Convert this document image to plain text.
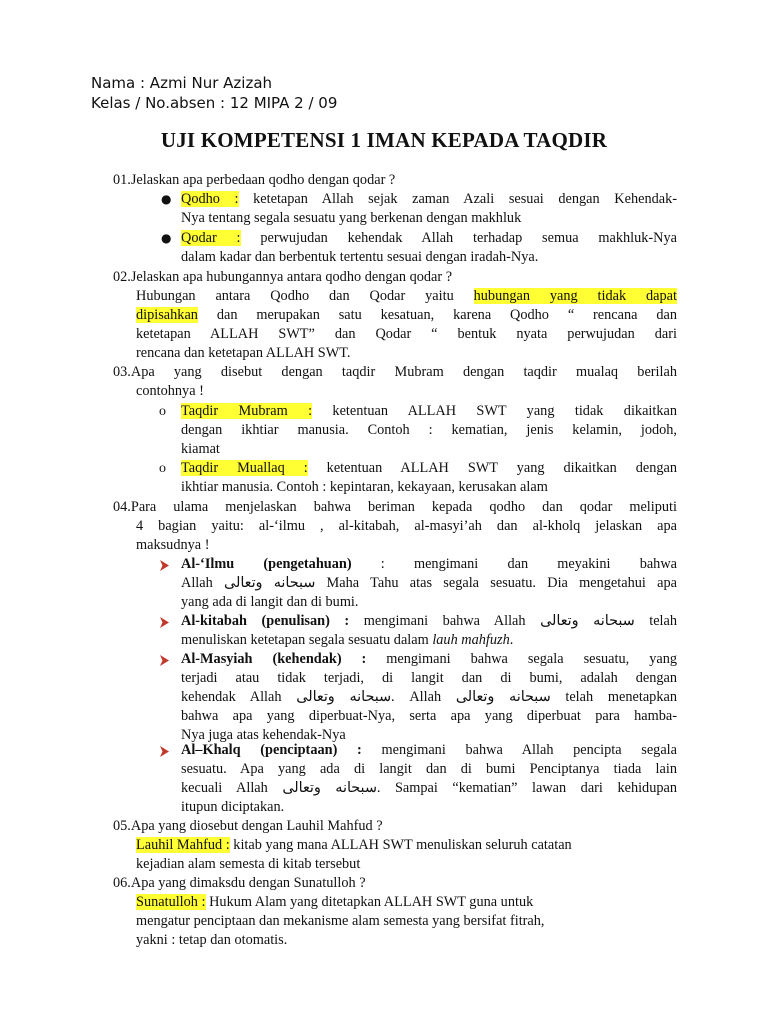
Nama : Azmi Nur Azizah
Kelas / No.absen : 12 MIPA 2 / 09
UJI KOMPETENSI 1 IMAN KEPADA TAQDIR
01.Jelaskan apa perbedaan qodho dengan qodar ?
● Qodho : ketetapan Allah sejak zaman Azali sesuai dengan Kehendak-
Nya tentang segala sesuatu yang berkenan dengan makhluk
● Qodar : perwujudan kehendak Allah terhadap semua makhluk-Nya
dalam kadar dan berbentuk tertentu sesuai dengan iradah-Nya.
02.Jelaskan apa hubungannya antara qodho dengan qodar ?
Hubungan antara Qodho dan Qodar yaitu hubungan yang tidak dapat
dipisahkan dan merupakan satu kesatuan, karena Qodho “ rencana dan
ketetapan ALLAH SWT” dan Qodar “ bentuk nyata perwujudan dari
rencana dan ketetapan ALLAH SWT.
03.Apa yang disebut dengan taqdir Mubram dengan taqdir mualaq berilah
contohnya !
o Taqdir Mubram : ketentuan ALLAH SWT yang tidak dikaitkan
dengan ikhtiar manusia. Contoh : kematian, jenis kelamin, jodoh,
kiamat
o Taqdir Muallaq : ketentuan ALLAH SWT yang dikaitkan dengan
ikhtiar manusia. Contoh : kepintaran, kekayaan, kerusakan alam
04.Para ulama menjelaskan bahwa beriman kepada qodho dan qodar meliputi
4 bagian yaitu: al-‘ilmu , al-kitabah, al-masyi’ah dan al-kholq jelaskan apa
maksudnya !
Al-‘Ilmu (pengetahuan) : mengimani dan meyakini bahwa
Allah سبحانه وتعالى Maha Tahu atas segala sesuatu. Dia mengetahui apa
yang ada di langit dan di bumi.
Al-kitabah (penulisan) : mengimani bahwa Allah سبحانه وتعالى telah
menuliskan ketetapan segala sesuatu dalam lauh mahfuzh.
Al-Masyiah (kehendak) : mengimani bahwa segala sesuatu, yang
terjadi atau tidak terjadi, di langit dan di bumi, adalah dengan
kehendak Allah سبحانه وتعالى. Allah سبحانه وتعالى telah menetapkan
bahwa apa yang diperbuat-Nya, serta apa yang diperbuat para hamba-
Nya juga atas kehendak-Nya
Al–Khalq (penciptaan) : mengimani bahwa Allah pencipta segala
sesuatu. Apa yang ada di langit dan di bumi Penciptanya tiada lain
kecuali Allah سبحانه وتعالى. Sampai “kematian” lawan dari kehidupan
itupun diciptakan.
05.Apa yang diosebut dengan Lauhil Mahfud ?
Lauhil Mahfud : kitab yang mana ALLAH SWT menuliskan seluruh catatan
kejadian alam semesta di kitab tersebut
06.Apa yang dimaksdu dengan Sunatulloh ?
Sunatulloh : Hukum Alam yang ditetapkan ALLAH SWT guna untuk
mengatur penciptaan dan mekanisme alam semesta yang bersifat fitrah,
yakni : tetap dan otomatis.
